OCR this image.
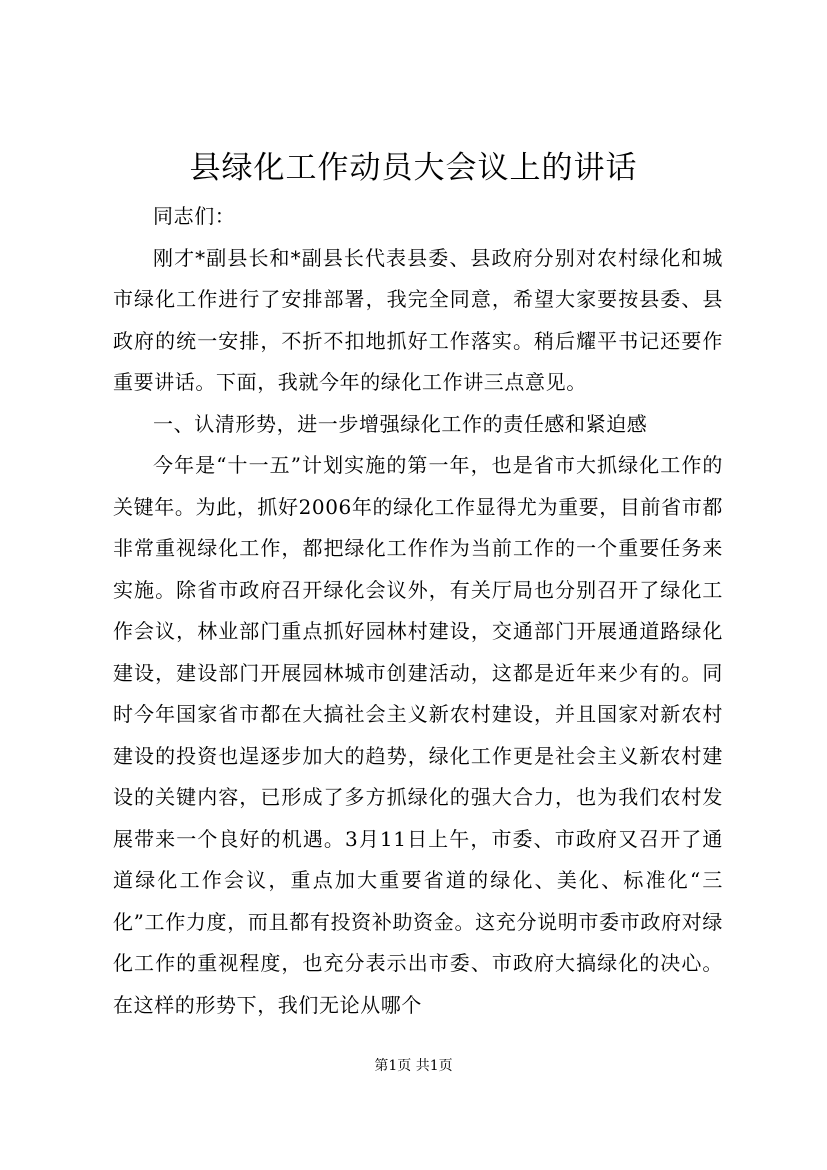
县绿化工作动员大会议上的讲话

同志们：

刚才*副县长和*副县长代表县委、县政府分别对农村绿化和城市绿化工作进行了安排部署，我完全同意，希望大家要按县委、县政府的统一安排，不折不扣地抓好工作落实。稍后耀平书记还要作重要讲话。下面，我就今年的绿化工作讲三点意见。

一、认清形势，进一步增强绿化工作的责任感和紧迫感

今年是“十一五”计划实施的第一年，也是省市大抓绿化工作的关键年。为此，抓好2006年的绿化工作显得尤为重要，目前省市都非常重视绿化工作，都把绿化工作作为当前工作的一个重要任务来实施。除省市政府召开绿化会议外，有关厅局也分别召开了绿化工作会议，林业部门重点抓好园林村建设，交通部门开展通道路绿化建设，建设部门开展园林城市创建活动，这都是近年来少有的。同时今年国家省市都在大搞社会主义新农村建设，并且国家对新农村建设的投资也逞逐步加大的趋势，绿化工作更是社会主义新农村建设的关键内容，已形成了多方抓绿化的强大合力，也为我们农村发展带来一个良好的机遇。3月11日上午，市委、市政府又召开了通道绿化工作会议，重点加大重要省道的绿化、美化、标准化“三化”工作力度，而且都有投资补助资金。这充分说明市委市政府对绿化工作的重视程度，也充分表示出市委、市政府大搞绿化的决心。在这样的形势下，我们无论从哪个

第1页 共1页
